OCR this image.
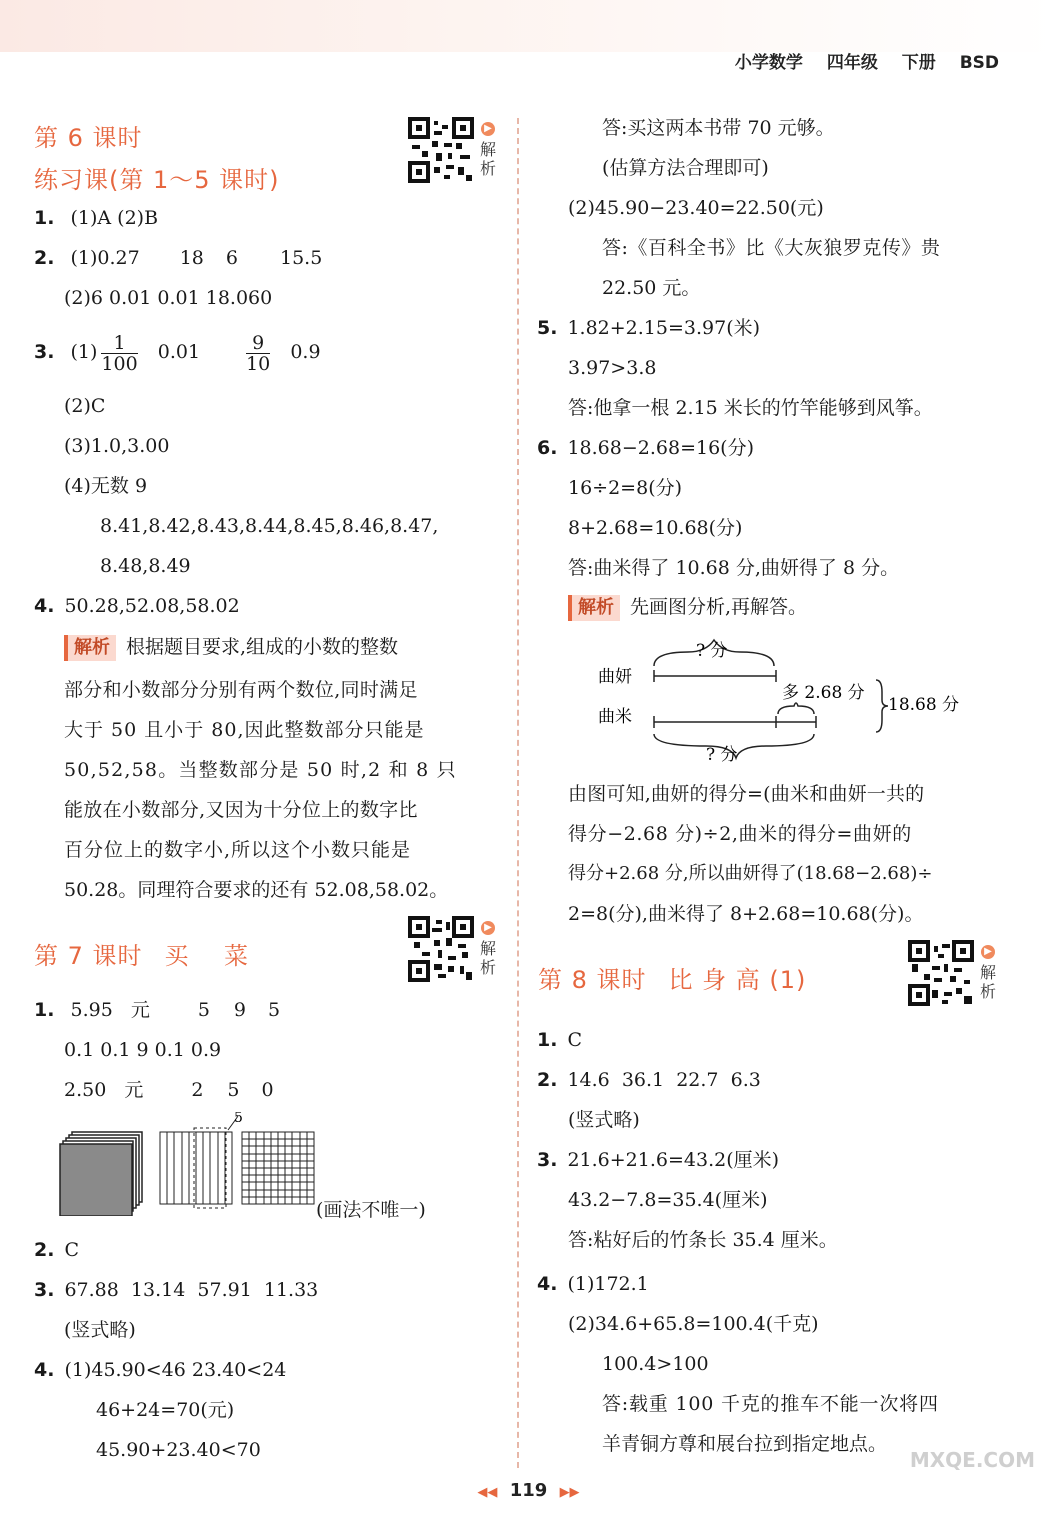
小学数学 四年级 下册 BSD
第 6 课时
练习课(第 1～5 课时)
▶
解析
1. (1)A (2)B
2. (1)0.27 18 6 15.5
(2)6 0.01 0.01 18.060
3. $(1) \frac{1}{100} 0.01 \frac{9}{10} 0.9$
(2)C
(3)1.0,3.00
(4)无数 9
8.41,8.42,8.43,8.44,8.45,8.46,8.47,
8.48,8.49
4. 50.28,52.08,58.02
解析 根据题目要求,组成的小数的整数
部分和小数部分分别有两个数位,同时满足
大于 50 且小于 80,因此整数部分只能是
50,52,58。当整数部分是 50 时,2 和 8 只
能放在小数部分,又因为十分位上的数字比
百分位上的数字小,所以这个小数只能是
50.28。同理符合要求的还有 52.08,58.02。
第 7 课时 买    菜
▶
解析
1. 5.95 元	5 9 5
0.1 0.1 9 0.1 0.9
2.50 元	2 5 0
5
(画法不唯一)
2. C
3. 67.88  13.14  57.91  11.33
(竖式略)
4. (1)45.90<46 23.40<24
46+24=70(元)
45.90+23.40<70
答:买这两本书带 70 元够。
(估算方法合理即可)
(2)45.90−23.40=22.50(元)
答:《百科全书》比《大灰狼罗克传》贵
22.50 元。
5. 1.82+2.15=3.97(米)
3.97>3.8
答:他拿一根 2.15 米长的竹竿能够到风筝。
6. 18.68−2.68=16(分)
16÷2=8(分)
8+2.68=10.68(分)
答:曲米得了 10.68 分,曲妍得了 8 分。
解析 先画图分析,再解答。
? 分
曲妍
曲米
多 2.68 分
18.68 分
? 分
由图可知,曲妍的得分=(曲米和曲妍一共的
得分−2.68 分)÷2,曲米的得分=曲妍的
得分+2.68 分,所以曲妍得了(18.68−2.68)÷
2=8(分),曲米得了 8+2.68=10.68(分)。
第 8 课时 比 身 高 (1)
▶
解析
1. C
2. 14.6  36.1  22.7  6.3
(竖式略)
3. 21.6+21.6=43.2(厘米)
43.2−7.8=35.4(厘米)
答:粘好后的竹条长 35.4 厘米。
4. (1)172.1
(2)34.6+65.8=100.4(千克)
100.4>100
答:载重 100 千克的推车不能一次将四
羊青铜方尊和展台拉到指定地点。
◀◀ 119 ▶▶
MXQE.COM
